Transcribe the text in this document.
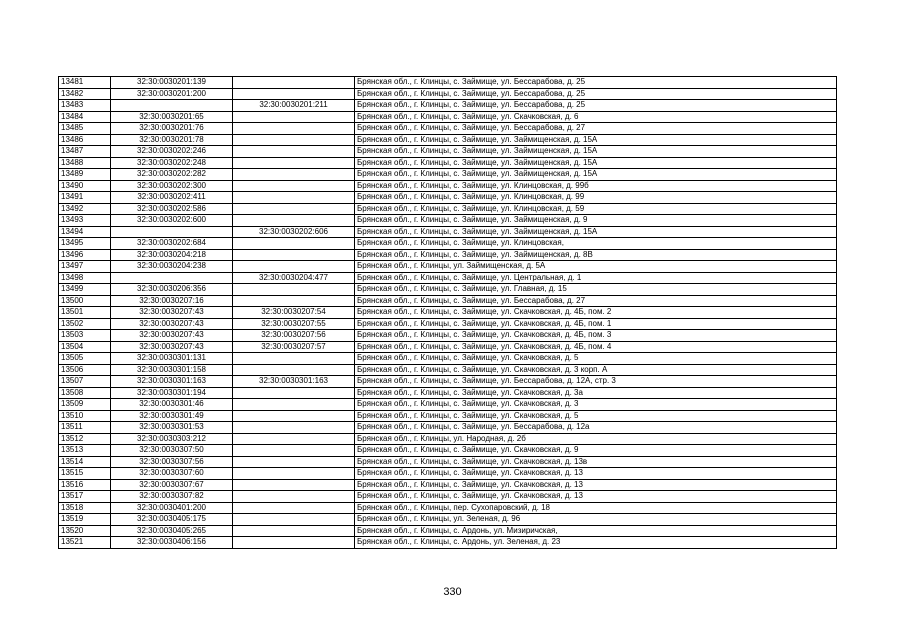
13481	32:30:0030201:139		Брянская обл., г. Клинцы, с. Займище, ул. Бессарабова, д. 25
13482	32:30:0030201:200		Брянская обл., г. Клинцы, с. Займище, ул. Бессарабова, д. 25
13483		32:30:0030201:211	Брянская обл., г. Клинцы, с. Займище, ул. Бессарабова, д. 25
13484	32:30:0030201:65		Брянская обл., г. Клинцы, с. Займище, ул. Скачковская, д. 6
13485	32:30:0030201:76		Брянская обл., г. Клинцы, с. Займище, ул. Бессарабова, д. 27
13486	32:30:0030201:78		Брянская обл., г. Клинцы, с. Займище, ул. Займищенская, д. 15А
13487	32:30:0030202:246		Брянская обл., г. Клинцы, с. Займище, ул. Займищенская, д. 15А
13488	32:30:0030202:248		Брянская обл., г. Клинцы, с. Займище, ул. Займищенская, д. 15А
13489	32:30:0030202:282		Брянская обл., г. Клинцы, с. Займище, ул. Займищенская, д. 15А
13490	32:30:0030202:300		Брянская обл., г. Клинцы, с. Займище, ул. Клинцовская, д. 99б
13491	32:30:0030202:411		Брянская обл., г. Клинцы, с. Займище, ул. Клинцовская, д. 99
13492	32:30:0030202:586		Брянская обл., г. Клинцы, с. Займище, ул. Клинцовская, д. 59
13493	32:30:0030202:600		Брянская обл., г. Клинцы, с. Займище, ул. Займищенская, д. 9
13494		32:30:0030202:606	Брянская обл., г. Клинцы, с. Займище, ул. Займищенская, д. 15А
13495	32:30:0030202:684		Брянская обл., г. Клинцы, с. Займище, ул. Клинцовская,
13496	32:30:0030204:218		Брянская обл., г. Клинцы, с. Займище, ул. Займищенская, д. 8В
13497	32:30:0030204:238		Брянская обл., г. Клинцы, ул. Займищенская, д. 5А
13498		32:30:0030204:477	Брянская обл., г. Клинцы, с. Займище, ул. Центральная, д. 1
13499	32:30:0030206:356		Брянская обл., г. Клинцы, с. Займище, ул. Главная, д. 15
13500	32:30:0030207:16		Брянская обл., г. Клинцы, с. Займище, ул. Бессарабова, д. 27
13501	32:30:0030207:43	32:30:0030207:54	Брянская обл., г. Клинцы, с. Займище, ул. Скачковская, д. 4Б, пом. 2
13502	32:30:0030207:43	32:30:0030207:55	Брянская обл., г. Клинцы, с. Займище, ул. Скачковская, д. 4Б, пом. 1
13503	32:30:0030207:43	32:30:0030207:56	Брянская обл., г. Клинцы, с. Займище, ул. Скачковская, д. 4Б, пом. 3
13504	32:30:0030207:43	32:30:0030207:57	Брянская обл., г. Клинцы, с. Займище, ул. Скачковская, д. 4Б, пом. 4
13505	32:30:0030301:131		Брянская обл., г. Клинцы, с. Займище, ул. Скачковская, д. 5
13506	32:30:0030301:158		Брянская обл., г. Клинцы, с. Займище, ул. Скачковская, д. 3 корп. А
13507	32:30:0030301:163	32:30:0030301:163	Брянская обл., г. Клинцы, с. Займище, ул. Бессарабова, д. 12А, стр. 3
13508	32:30:0030301:194		Брянская обл., г. Клинцы, с. Займище, ул. Скачковская, д. 3а
13509	32:30:0030301:46		Брянская обл., г. Клинцы, с. Займище, ул. Скачковская, д. 3
13510	32:30:0030301:49		Брянская обл., г. Клинцы, с. Займище, ул. Скачковская, д. 5
13511	32:30:0030301:53		Брянская обл., г. Клинцы, с. Займище, ул. Бессарабова, д. 12а
13512	32:30:0030303:212		Брянская обл., г. Клинцы, ул. Народная, д. 2б
13513	32:30:0030307:50		Брянская обл., г. Клинцы, с. Займище, ул. Скачковская, д. 9
13514	32:30:0030307:56		Брянская обл., г. Клинцы, с. Займище, ул. Скачковская, д. 13в
13515	32:30:0030307:60		Брянская обл., г. Клинцы, с. Займище, ул. Скачковская, д. 13
13516	32:30:0030307:67		Брянская обл., г. Клинцы, с. Займище, ул. Скачковская, д. 13
13517	32:30:0030307:82		Брянская обл., г. Клинцы, с. Займище, ул. Скачковская, д. 13
13518	32:30:0030401:200		Брянская обл., г. Клинцы, пер. Сухопаровский, д. 18
13519	32:30:0030405:175		Брянская обл., г. Клинцы, ул. Зеленая, д. 96
13520	32:30:0030405:265		Брянская обл., г. Клинцы, с. Ардонь, ул. Мизиричская,
13521	32:30:0030406:156		Брянская обл., г. Клинцы, с. Ардонь, ул. Зеленая, д. 23
330
